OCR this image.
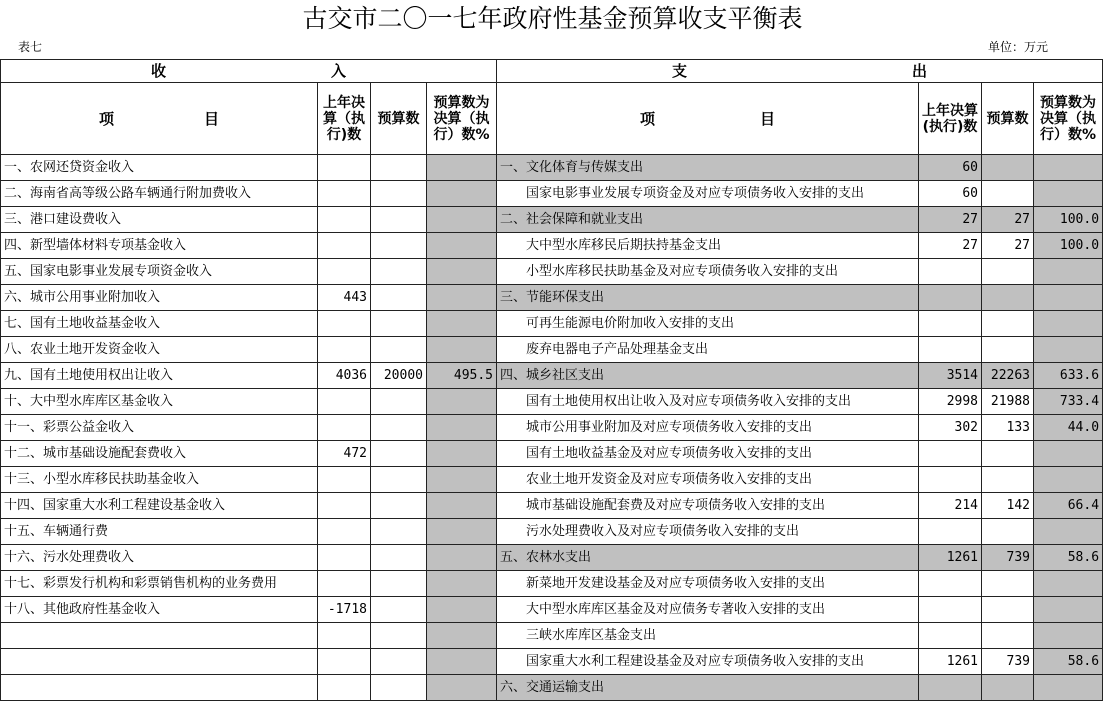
古交市二〇一七年政府性基金预算收支平衡表
表七	单位：万元
收　　　　　　　　　　　入				支　　　　　　　　　　　　　　　出			
项　　　　　　目	上年决算（执行)数	预算数	预算数为决算（执行）数%	项　　　　　　　目	上年决算(执行)数	预算数	预算数为决算（执行）数%
一、农网还贷资金收入				一、文化体育与传媒支出	60		
二、海南省高等级公路车辆通行附加费收入				　　国家电影事业发展专项资金及对应专项债务收入安排的支出	60		
三、港口建设费收入				二、社会保障和就业支出	27	27	100.0
四、新型墙体材料专项基金收入				　　大中型水库移民后期扶持基金支出	27	27	100.0
五、国家电影事业发展专项资金收入				　　小型水库移民扶助基金及对应专项债务收入安排的支出			
六、城市公用事业附加收入	443			三、节能环保支出			
七、国有土地收益基金收入				　　可再生能源电价附加收入安排的支出			
八、农业土地开发资金收入				　　废弃电器电子产品处理基金支出			
九、国有土地使用权出让收入	4036	20000	495.5	四、城乡社区支出	3514	22263	633.6
十、大中型水库库区基金收入				　　国有土地使用权出让收入及对应专项债务收入安排的支出	2998	21988	733.4
十一、彩票公益金收入				　　城市公用事业附加及对应专项债务收入安排的支出	302	133	44.0
十二、城市基础设施配套费收入	472			　　国有土地收益基金及对应专项债务收入安排的支出			
十三、小型水库移民扶助基金收入				　　农业土地开发资金及对应专项债务收入安排的支出			
十四、国家重大水利工程建设基金收入				　　城市基础设施配套费及对应专项债务收入安排的支出	214	142	66.4
十五、车辆通行费				　　污水处理费收入及对应专项债务收入安排的支出			
十六、污水处理费收入				五、农林水支出	1261	739	58.6
十七、彩票发行机构和彩票销售机构的业务费用				　　新菜地开发建设基金及对应专项债务收入安排的支出			
十八、其他政府性基金收入	-1718			　　大中型水库库区基金及对应债务专著收入安排的支出			
				　　三峡水库库区基金支出			
				　　国家重大水利工程建设基金及对应专项债务收入安排的支出	1261	739	58.6
				六、交通运输支出			
